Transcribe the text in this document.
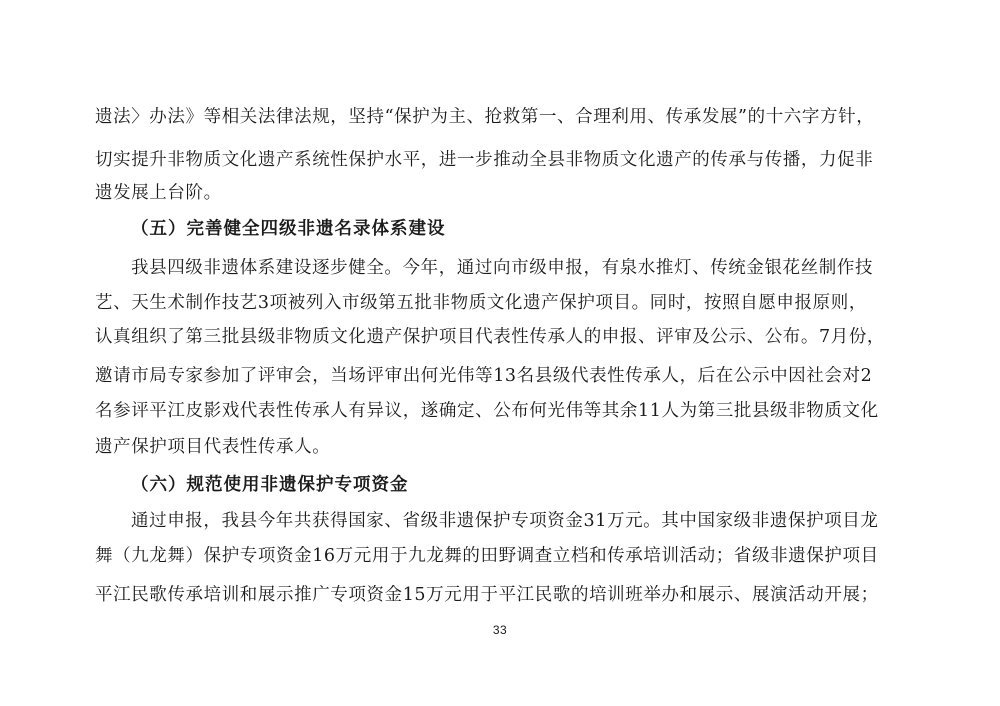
遗法〉办法》等相关法律法规，坚持“保护为主、抢救第一、合理利用、传承发展”的十六字方针，
切实提升非物质文化遗产系统性保护水平，进一步推动全县非物质文化遗产的传承与传播，力促非
遗发展上台阶。
（五）完善健全四级非遗名录体系建设
我县四级非遗体系建设逐步健全。今年，通过向市级申报，有泉水推灯、传统金银花丝制作技
艺、天生术制作技艺3项被列入市级第五批非物质文化遗产保护项目。同时，按照自愿申报原则，
认真组织了第三批县级非物质文化遗产保护项目代表性传承人的申报、评审及公示、公布。7月份，
邀请市局专家参加了评审会，当场评审出何光伟等13名县级代表性传承人，后在公示中因社会对2
名参评平江皮影戏代表性传承人有异议，遂确定、公布何光伟等其余11人为第三批县级非物质文化
遗产保护项目代表性传承人。
（六）规范使用非遗保护专项资金
通过申报，我县今年共获得国家、省级非遗保护专项资金31万元。其中国家级非遗保护项目龙
舞（九龙舞）保护专项资金16万元用于九龙舞的田野调查立档和传承培训活动；省级非遗保护项目
平江民歌传承培训和展示推广专项资金15万元用于平江民歌的培训班举办和展示、展演活动开展；
33
